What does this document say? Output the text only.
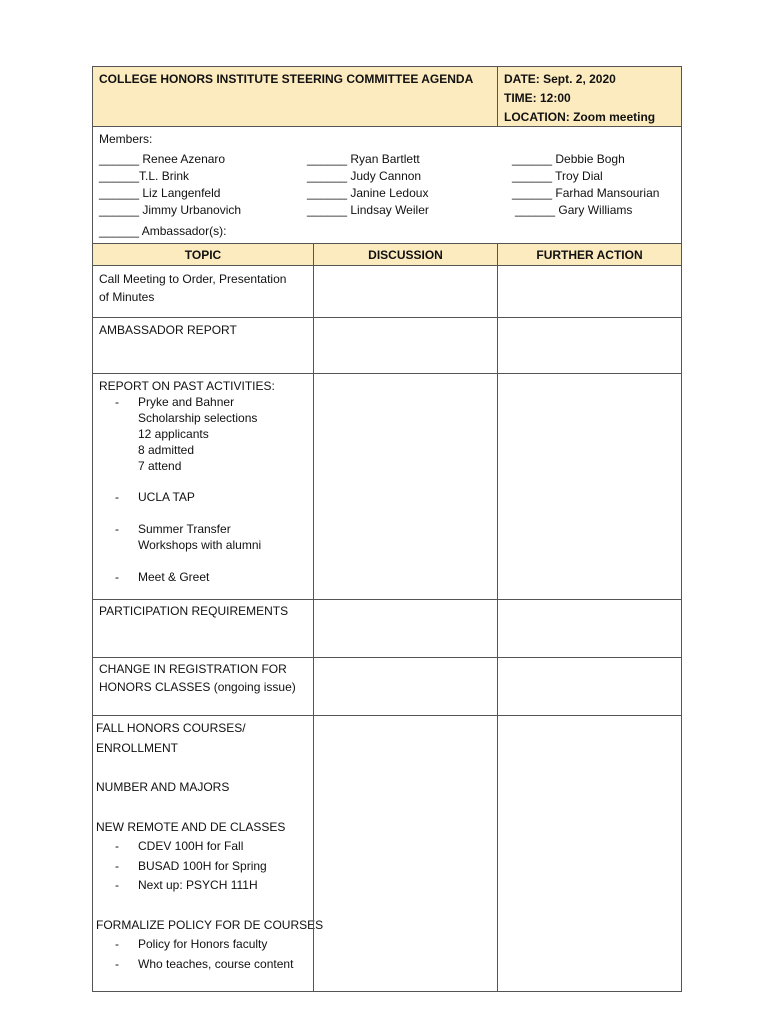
COLLEGE HONORS INSTITUTE STEERING COMMITTEE AGENDA	DATE: Sept. 2, 2020
TIME: 12:00
LOCATION: Zoom meeting
Members:
______ Renee Azenaro
______T.L. Brink
______ Liz Langenfeld
______ Jimmy Urbanovich
______ Ryan Bartlett
______ Judy Cannon
______ Janine Ledoux
______ Lindsay Weiler
______ Debbie Bogh
______ Troy Dial
______ Farhad Mansourian
______ Gary Williams
______ Ambassador(s):
TOPIC	DISCUSSION	FURTHER ACTION
Call Meeting to Order, Presentation
of Minutes
AMBASSADOR REPORT
REPORT ON PAST ACTIVITIES:
- Pryke and Bahner
Scholarship selections
12 applicants
8 admitted
7 attend
- UCLA TAP
- Summer Transfer
Workshops with alumni
- Meet & Greet
PARTICIPATION REQUIREMENTS
CHANGE IN REGISTRATION FOR
HONORS CLASSES (ongoing issue)
FALL HONORS COURSES/
ENROLLMENT
NUMBER AND MAJORS
NEW REMOTE AND DE CLASSES
- CDEV 100H for Fall
- BUSAD 100H for Spring
- Next up: PSYCH 111H
FORMALIZE POLICY FOR DE COURSES
- Policy for Honors faculty
- Who teaches, course content
